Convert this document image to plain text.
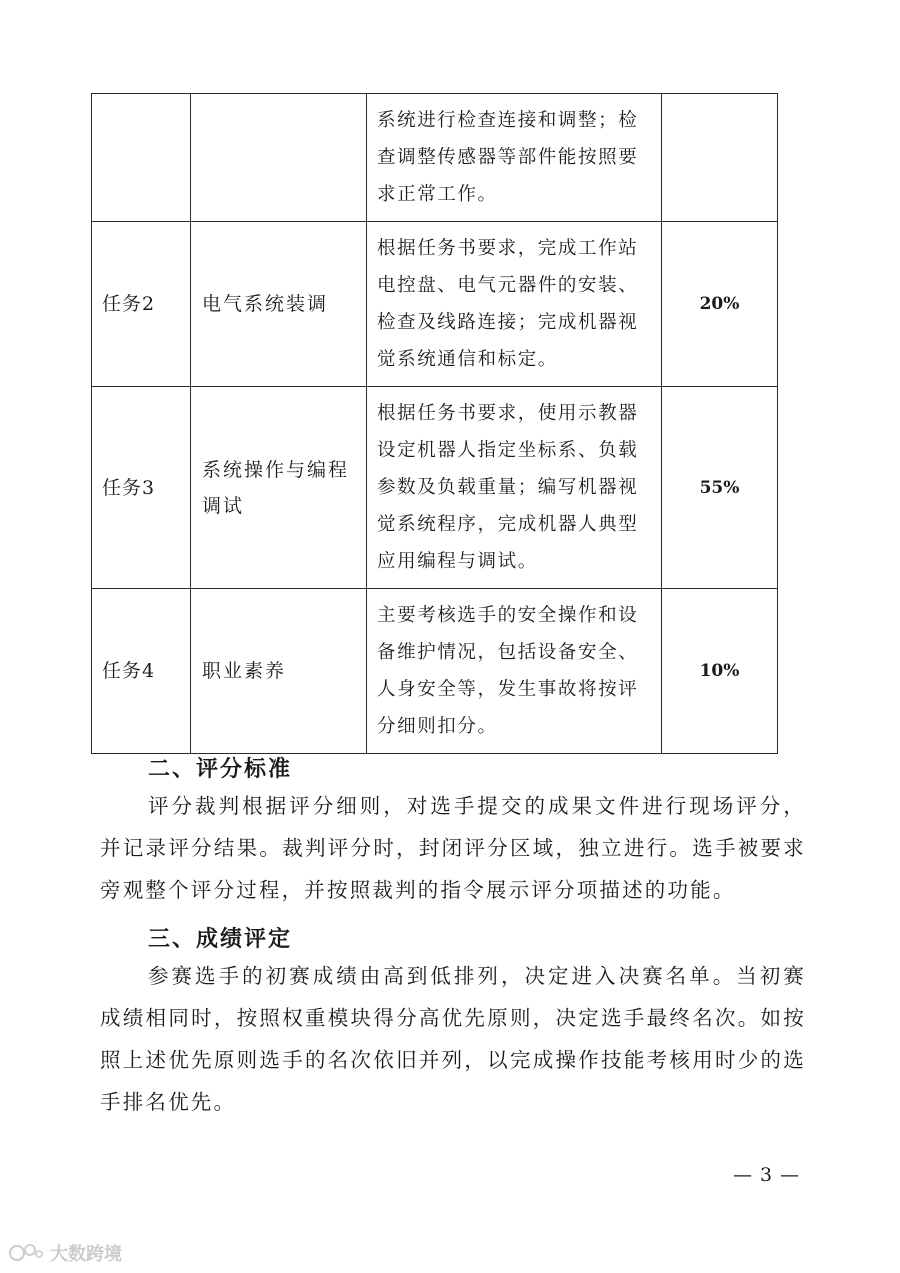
		系统进行检查连接和调整；检查调整传感器等部件能按照要求正常工作。	
任务2	电气系统装调	根据任务书要求，完成工作站电控盘、电气元器件的安装、检查及线路连接；完成机器视觉系统通信和标定。	20%
任务3	系统操作与编程调试	根据任务书要求，使用示教器设定机器人指定坐标系、负载参数及负载重量；编写机器视觉系统程序，完成机器人典型应用编程与调试。	55%
任务4	职业素养	主要考核选手的安全操作和设备维护情况，包括设备安全、人身安全等，发生事故将按评分细则扣分。	10%
二、评分标准
评分裁判根据评分细则，对选手提交的成果文件进行现场评分，并记录评分结果。裁判评分时，封闭评分区域，独立进行。选手被要求旁观整个评分过程，并按照裁判的指令展示评分项描述的功能。
三、成绩评定
参赛选手的初赛成绩由高到低排列，决定进入决赛名单。当初赛成绩相同时，按照权重模块得分高优先原则，决定选手最终名次。如按照上述优先原则选手的名次依旧并列，以完成操作技能考核用时少的选手排名优先。
— 3 —
大数跨境
